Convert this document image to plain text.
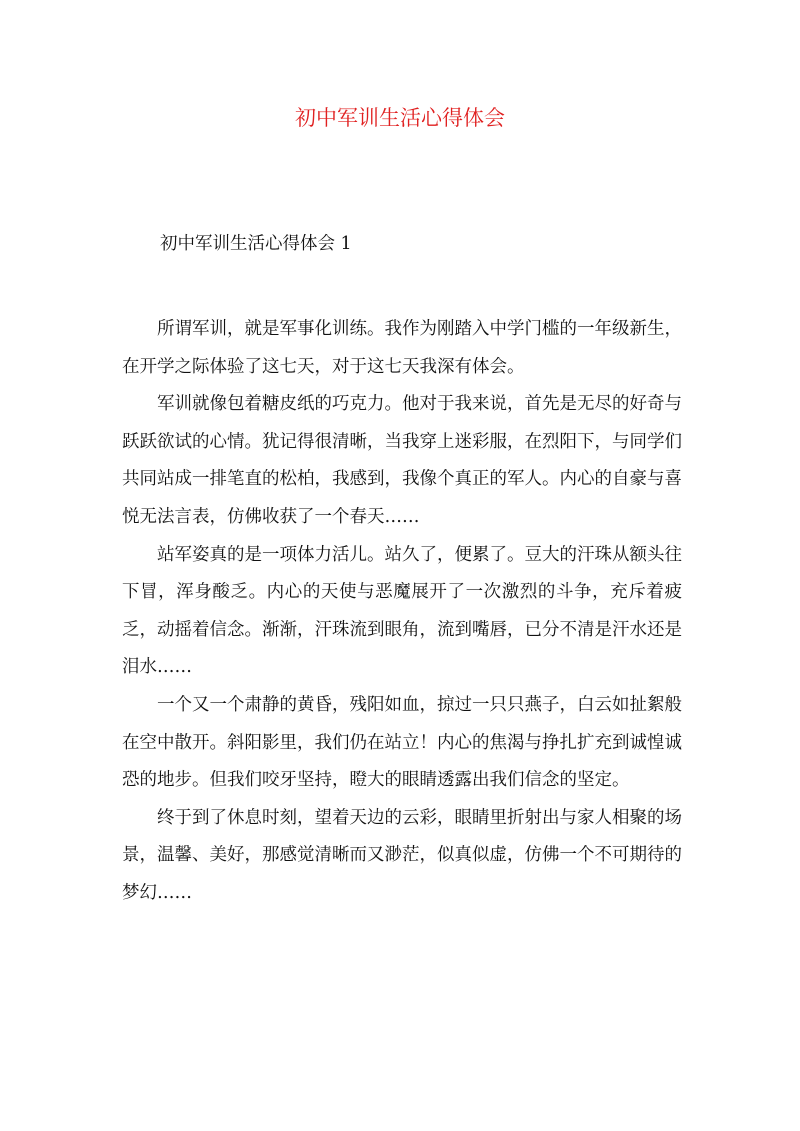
初中军训生活心得体会
初中军训生活心得体会 1

所谓军训，就是军事化训练。我作为刚踏入中学门槛的一年级新生，在开学之际体验了这七天，对于这七天我深有体会。

军训就像包着糖皮纸的巧克力。他对于我来说，首先是无尽的好奇与跃跃欲试的心情。犹记得很清晰，当我穿上迷彩服，在烈阳下，与同学们共同站成一排笔直的松柏，我感到，我像个真正的军人。内心的自豪与喜悦无法言表，仿佛收获了一个春天……

站军姿真的是一项体力活儿。站久了，便累了。豆大的汗珠从额头往下冒，浑身酸乏。内心的天使与恶魔展开了一次激烈的斗争，充斥着疲乏，动摇着信念。渐渐，汗珠流到眼角，流到嘴唇，已分不清是汗水还是泪水……

一个又一个肃静的黄昏，残阳如血，掠过一只只燕子，白云如扯絮般在空中散开。斜阳影里，我们仍在站立！内心的焦渴与挣扎扩充到诚惶诚恐的地步。但我们咬牙坚持，瞪大的眼睛透露出我们信念的坚定。

终于到了休息时刻，望着天边的云彩，眼睛里折射出与家人相聚的场景，温馨、美好，那感觉清晰而又渺茫，似真似虚，仿佛一个不可期待的梦幻……
